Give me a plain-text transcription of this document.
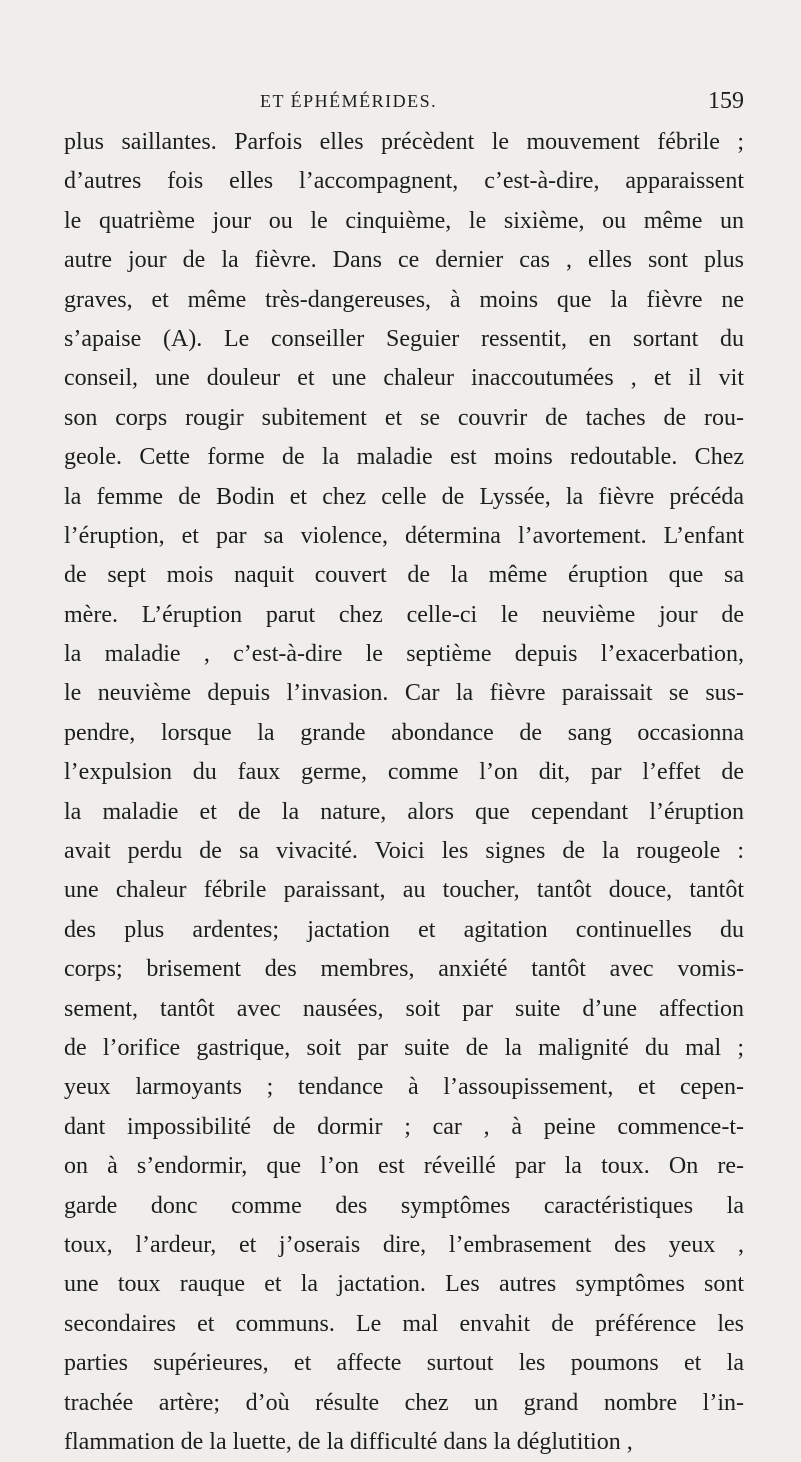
ET ÉPHÉMÉRIDES.	159
plus saillantes. Parfois elles précèdent le mouvement fébrile ;
d’autres fois elles l’accompagnent, c’est-à-dire, apparaissent
le quatrième jour ou le cinquième, le sixième, ou même un
autre jour de la fièvre. Dans ce dernier cas , elles sont plus
graves, et même très-dangereuses, à moins que la fièvre ne
s’apaise (A). Le conseiller Seguier ressentit, en sortant du
conseil, une douleur et une chaleur inaccoutumées , et il vit
son corps rougir subitement et se couvrir de taches de rou-
geole. Cette forme de la maladie est moins redoutable. Chez
la femme de Bodin et chez celle de Lyssée, la fièvre précéda
l’éruption, et par sa violence, détermina l’avortement. L’enfant
de sept mois naquit couvert de la même éruption que sa
mère. L’éruption parut chez celle-ci le neuvième jour de
la maladie , c’est-à-dire le septième depuis l’exacerbation,
le neuvième depuis l’invasion. Car la fièvre paraissait se sus-
pendre, lorsque la grande abondance de sang occasionna
l’expulsion du faux germe, comme l’on dit, par l’effet de
la maladie et de la nature, alors que cependant l’éruption
avait perdu de sa vivacité. Voici les signes de la rougeole :
une chaleur fébrile paraissant, au toucher, tantôt douce, tantôt
des plus ardentes; jactation et agitation continuelles du
corps; brisement des membres, anxiété tantôt avec vomis-
sement, tantôt avec nausées, soit par suite d’une affection
de l’orifice gastrique, soit par suite de la malignité du mal ;
yeux larmoyants ; tendance à l’assoupissement, et cepen-
dant impossibilité de dormir ; car , à peine commence-t-
on à s’endormir, que l’on est réveillé par la toux. On re-
garde donc comme des symptômes caractéristiques la
toux, l’ardeur, et j’oserais dire, l’embrasement des yeux ,
une toux rauque et la jactation. Les autres symptômes sont
secondaires et communs. Le mal envahit de préférence les
parties supérieures, et affecte surtout les poumons et la
trachée artère; d’où résulte chez un grand nombre l’in-
flammation de la luette, de la difficulté dans la déglutition ,
